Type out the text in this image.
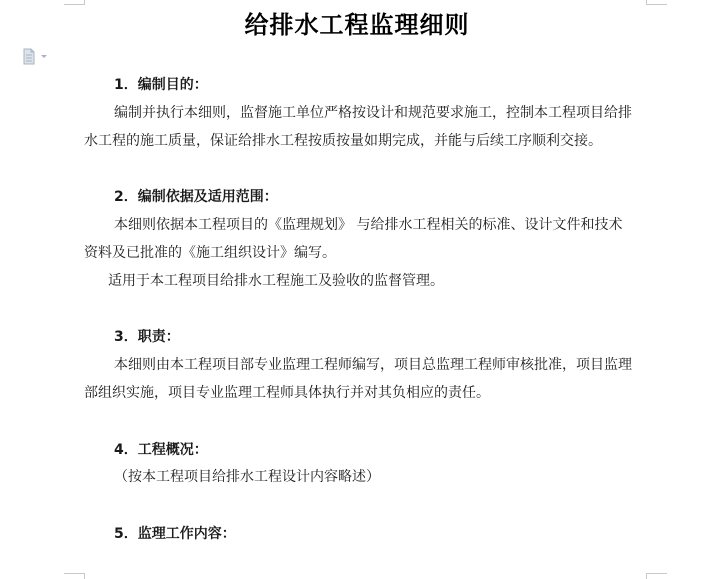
给排水工程监理细则
1．编制目的：
编制并执行本细则，监督施工单位严格按设计和规范要求施工，控制本工程项目给排
水工程的施工质量，保证给排水工程按质按量如期完成，并能与后续工序顺利交接。
2．编制依据及适用范围：
本细则依据本工程项目的《监理规划》 与给排水工程相关的标准、设计文件和技术
资料及已批准的《施工组织设计》编写。
适用于本工程项目给排水工程施工及验收的监督管理。
3．职责：
本细则由本工程项目部专业监理工程师编写，项目总监理工程师审核批准，项目监理
部组织实施，项目专业监理工程师具体执行并对其负相应的责任。
4．工程概况：
（按本工程项目给排水工程设计内容略述）
5．监理工作内容：
